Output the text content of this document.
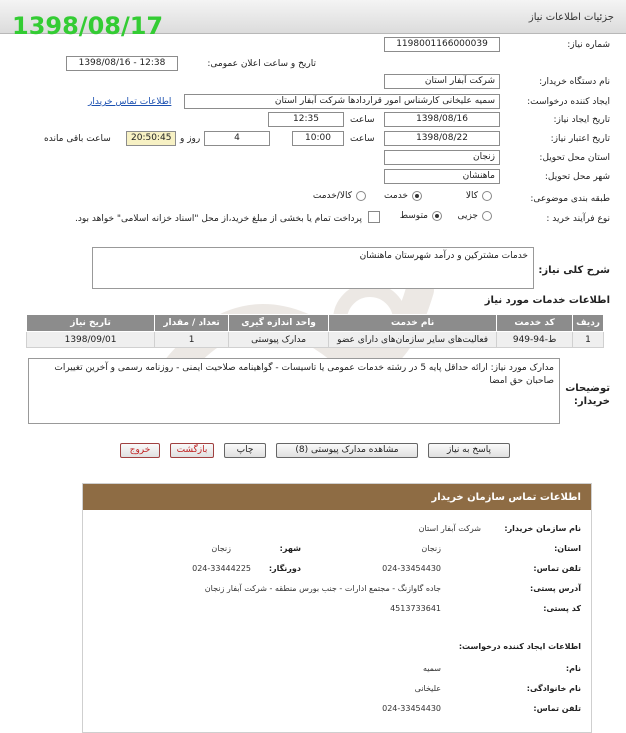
جزئیات اطلاعات نیاز
1398/08/17
شماره نیاز:
1198001166000039
تاریخ و ساعت اعلان عمومی:
1398/08/16 - 12:38
نام دستگاه خریدار:
شرکت آبفار استان
ایجاد کننده درخواست:
سمیه علیخانی کارشناس امور قراردادها شرکت آبفار استان
اطلاعات تماس خریدار
تاریخ ایجاد نیاز:
1398/08/16
ساعت
12:35
تاریخ اعتبار نیاز:
1398/08/22
ساعت
10:00
4
روز و
20:50:45
ساعت باقی مانده
استان محل تحویل:
زنجان
شهر محل تحویل:
ماهنشان
طبقه بندی موضوعی:
کالا
خدمت
کالا/خدمت
نوع فرآیند خرید :
جزیی
متوسط
پرداخت تمام یا بخشی از مبلغ خرید،از محل "اسناد خزانه اسلامی" خواهد بود.
شرح کلی نیاز:
خدمات مشترکین و درآمد شهرستان ماهنشان
اطلاعات خدمات مورد نیاز
ردیف	کد خدمت	نام خدمت	واحد اندازه گیری	تعداد / مقدار	تاریخ نیاز
1	ط-94-949	فعالیت‌های سایر سازمان‌های دارای عضو	مدارک پیوستی	1	1398/09/01
توضیحات خریدار:
مدارک مورد نیاز: ارائه حداقل پایه 5 در رشته خدمات عمومی یا تاسیسات - گواهینامه صلاحیت ایمنی - روزنامه رسمی و آخرین تغییرات صاحبان حق امضا
پاسخ به نیاز
مشاهده مدارک پیوستی (8)
چاپ
بازگشت
خروج
اطلاعات تماس سازمان خریدار
نام سازمان خریدار:
شرکت آبفار استان
استان:
زنجان
شهر:
زنجان
تلفن تماس:
024-33454430
دورنگار:
024-33444225
آدرس پستی:
جاده گاوازنگ - مجتمع ادارات - جنب بورس منطقه - شرکت آبفار زنجان
کد پستی:
4513733641
اطلاعات ایجاد کننده درخواست:
نام:
سمیه
نام خانوادگی:
علیخانی
تلفن تماس:
024-33454430
